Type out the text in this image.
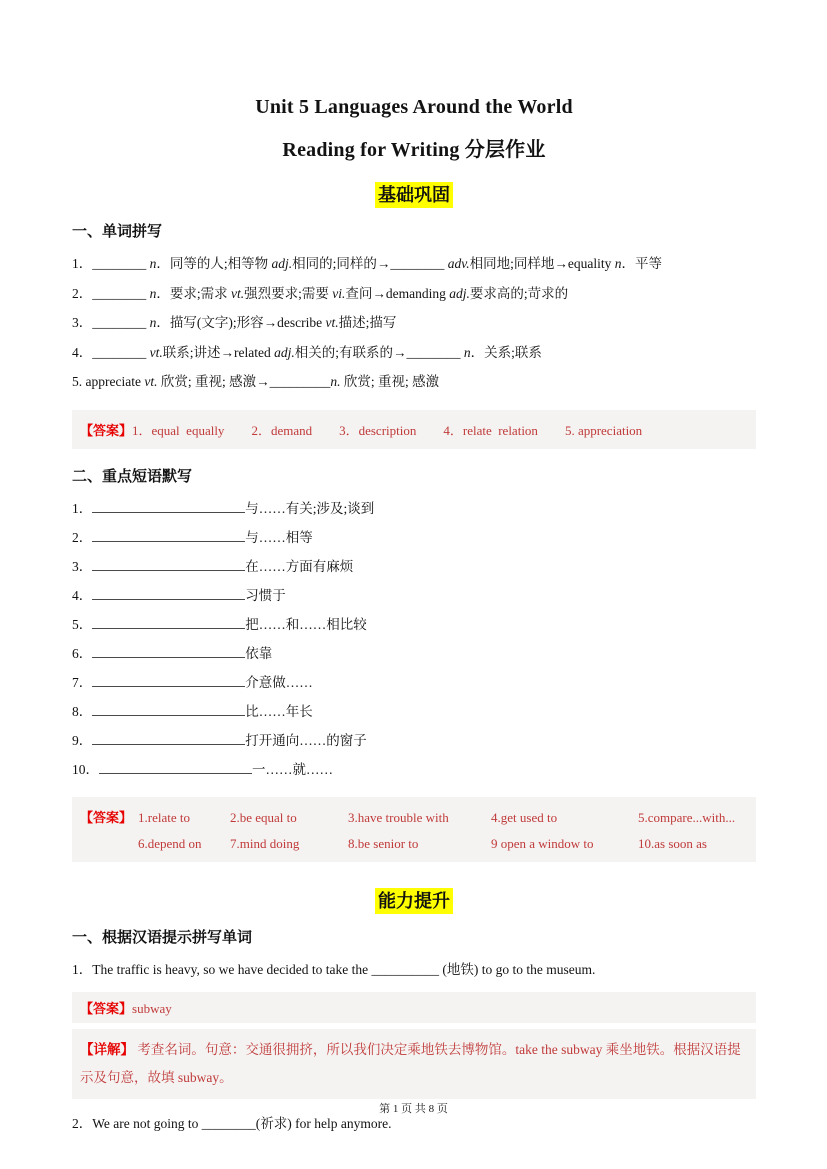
Unit 5 Languages Around the World
Reading for Writing 分层作业
基础巩固
一、单词拼写
1．________ n．同等的人;相等物 adj.相同的;同样的→________ adv.相同地;同样地→equality n．平等
2．________ n．要求;需求 vt.强烈要求;需要 vi.查问→demanding adj.要求高的;苛求的
3．________ n．描写(文字);形容→describe vt.描述;描写
4．________ vt.联系;讲述→related adj.相关的;有联系的→________ n．关系;联系
5. appreciate vt. 欣赏; 重视; 感激→_________n. 欣赏; 重视; 感激
【答案】 1．equal  equally 2．demand 3．description 4．relate  relation 5. appreciation
二、重点短语默写
1．	与……有关;涉及;谈到
2．	与……相等
3．	在……方面有麻烦
4．	习惯于
5．	把……和……相比较
6．	依靠
7．	介意做……
8．	比……年长
9．	打开通向……的窗子
10．	一……就……
【答案】 1.relate to	2.be equal to	3.have trouble with	4.get used to	5.compare...with...
6.depend on	7.mind doing	8.be senior to	9 open a window to	10.as soon as
能力提升
一、根据汉语提示拼写单词
1．The traffic is heavy, so we have decided to take the __________ (地铁) to go to the museum.
【答案】 subway
【详解】 考查名词。句意：交通很拥挤，所以我们决定乘地铁去博物馆。take the subway 乘坐地铁。根据汉语提示及句意，故填 subway。
2．We are not going to ________(祈求) for help anymore.
第 1 页 共 8 页
